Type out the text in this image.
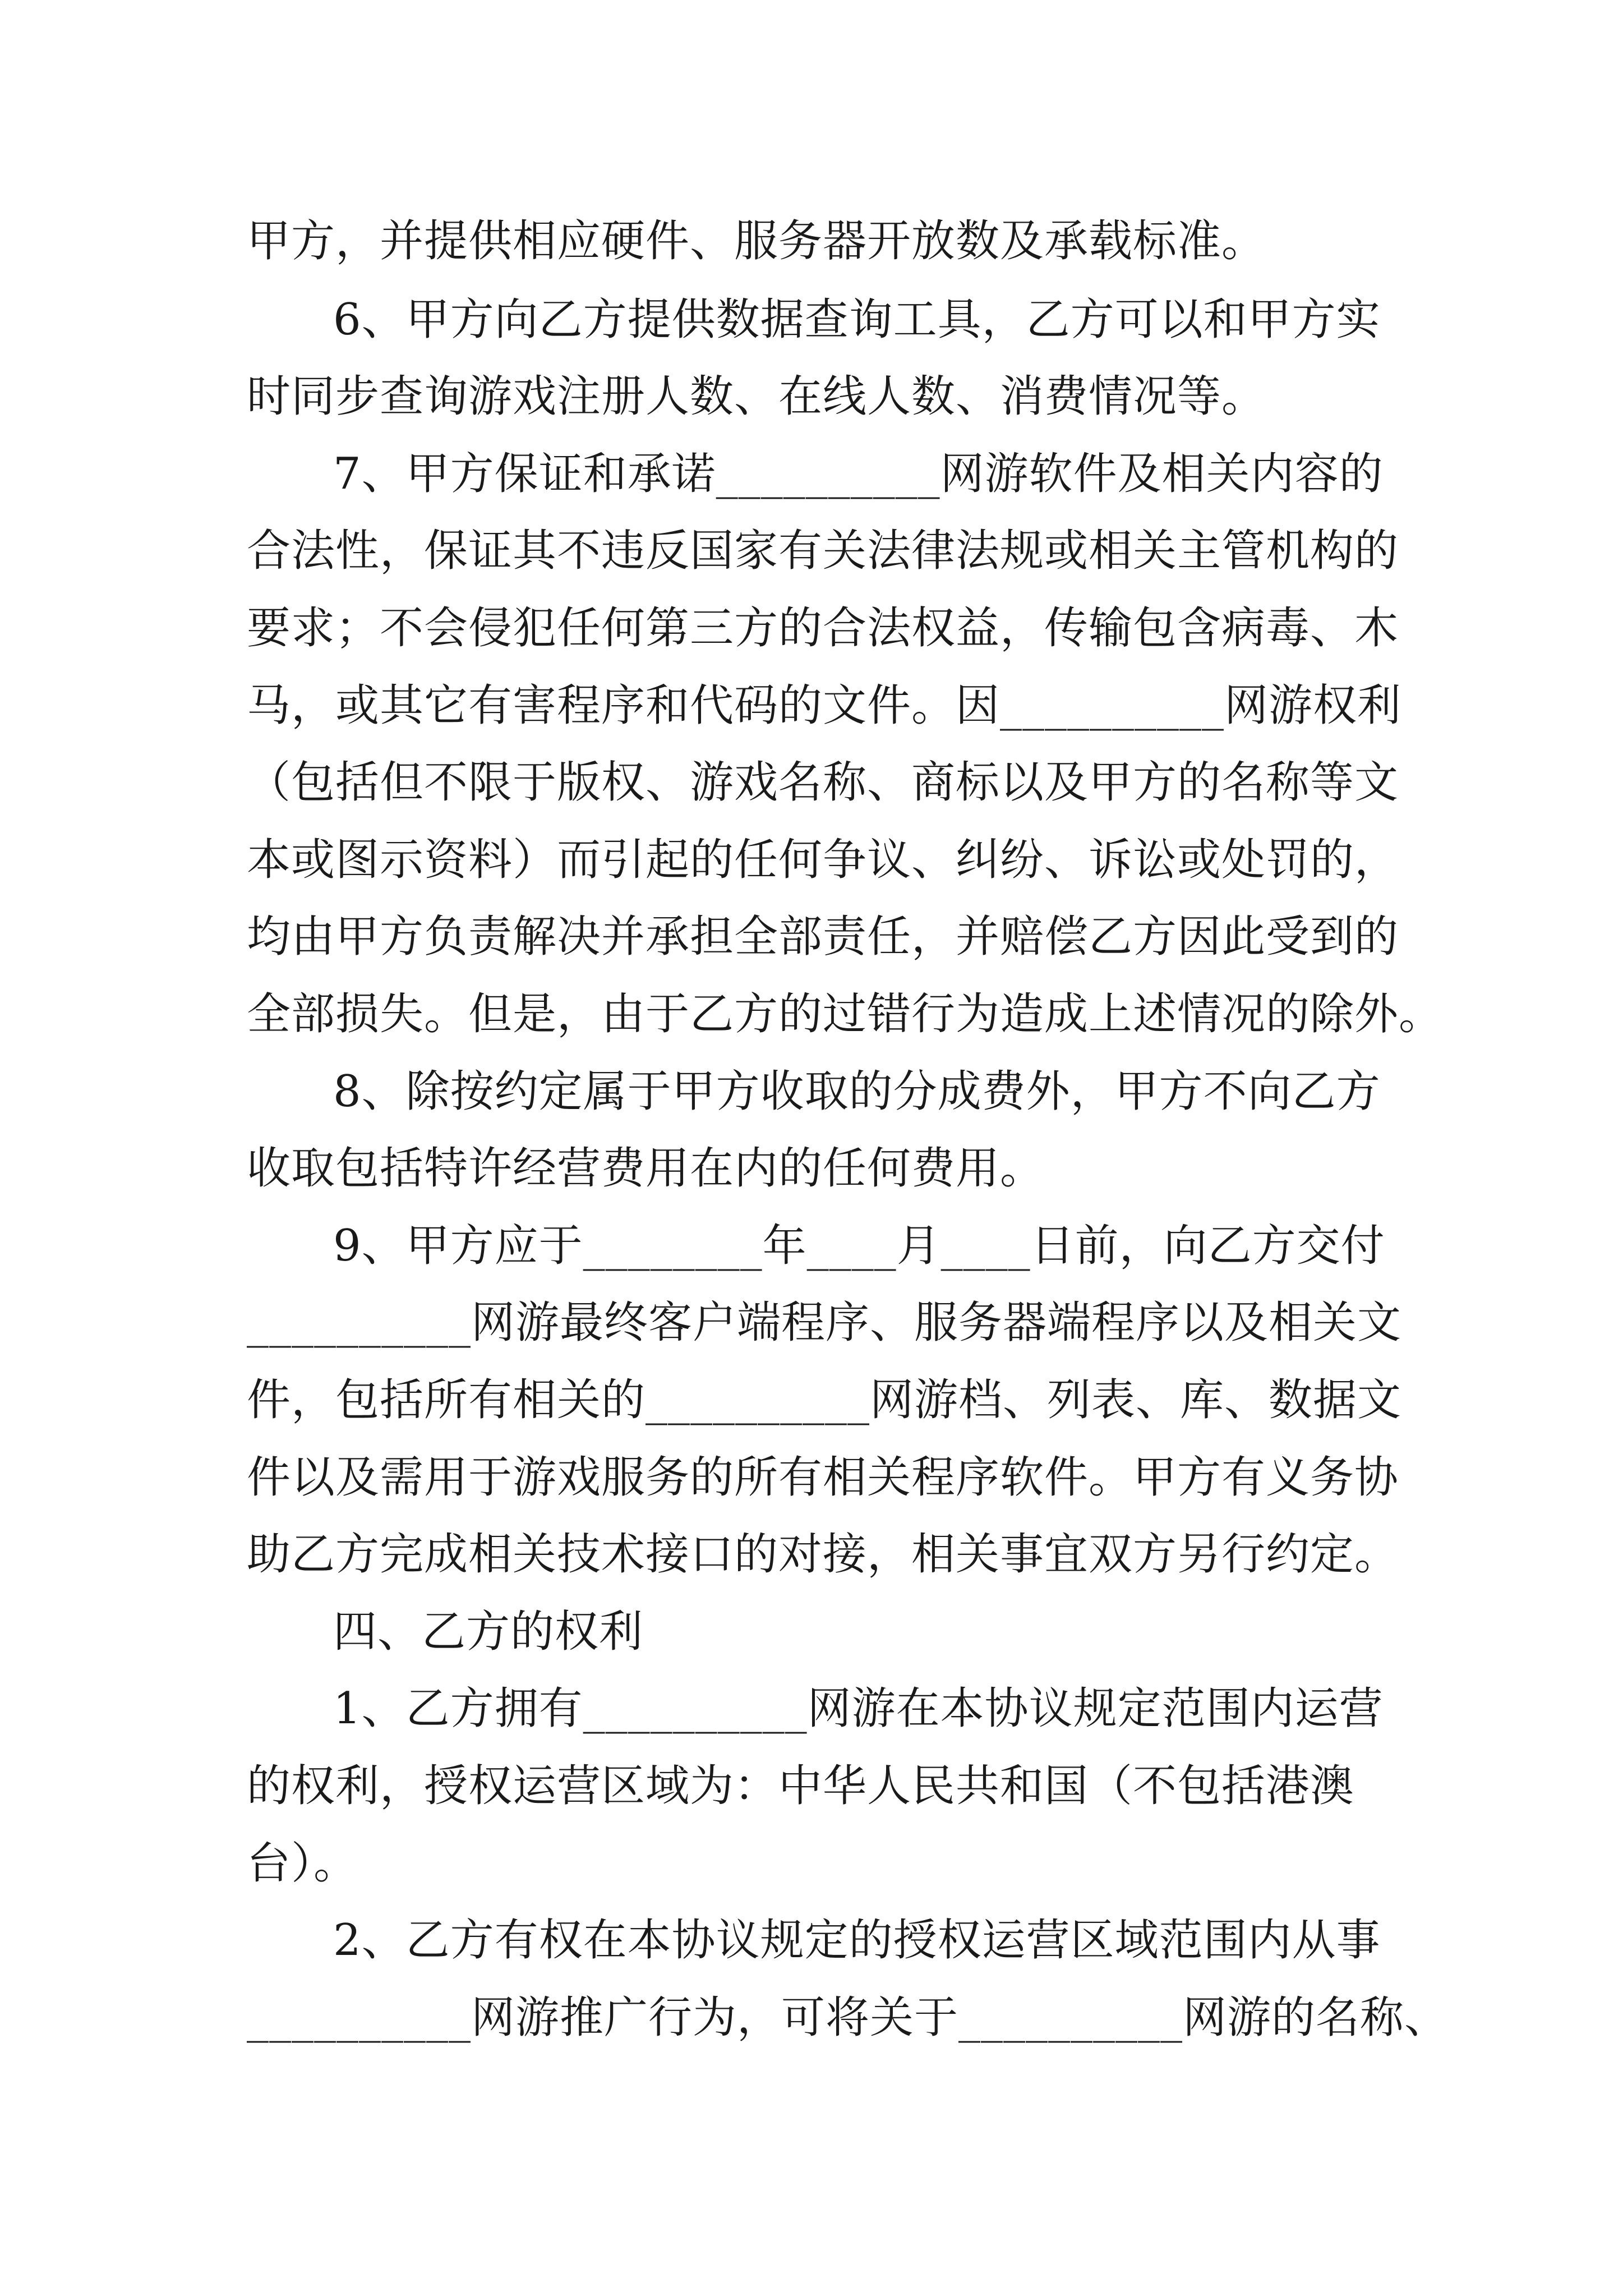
甲方，并提供相应硬件、服务器开放数及承载标准。
6、甲方向乙方提供数据查询工具，乙方可以和甲方实
时同步查询游戏注册人数、在线人数、消费情况等。
7、甲方保证和承诺__________网游软件及相关内容的
合法性，保证其不违反国家有关法律法规或相关主管机构的
要求；不会侵犯任何第三方的合法权益，传输包含病毒、木
马，或其它有害程序和代码的文件。因__________网游权利
（包括但不限于版权、游戏名称、商标以及甲方的名称等文
本或图示资料）而引起的任何争议、纠纷、诉讼或处罚的，
均由甲方负责解决并承担全部责任，并赔偿乙方因此受到的
全部损失。但是，由于乙方的过错行为造成上述情况的除外。
8、除按约定属于甲方收取的分成费外，甲方不向乙方
收取包括特许经营费用在内的任何费用。
9、甲方应于________年____月____日前，向乙方交付
__________网游最终客户端程序、服务器端程序以及相关文
件，包括所有相关的__________网游档、列表、库、数据文
件以及需用于游戏服务的所有相关程序软件。甲方有义务协
助乙方完成相关技术接口的对接，相关事宜双方另行约定。
四、乙方的权利
1、乙方拥有__________网游在本协议规定范围内运营
的权利，授权运营区域为：中华人民共和国（不包括港澳
台）。
2、乙方有权在本协议规定的授权运营区域范围内从事
__________网游推广行为，可将关于__________网游的名称、
